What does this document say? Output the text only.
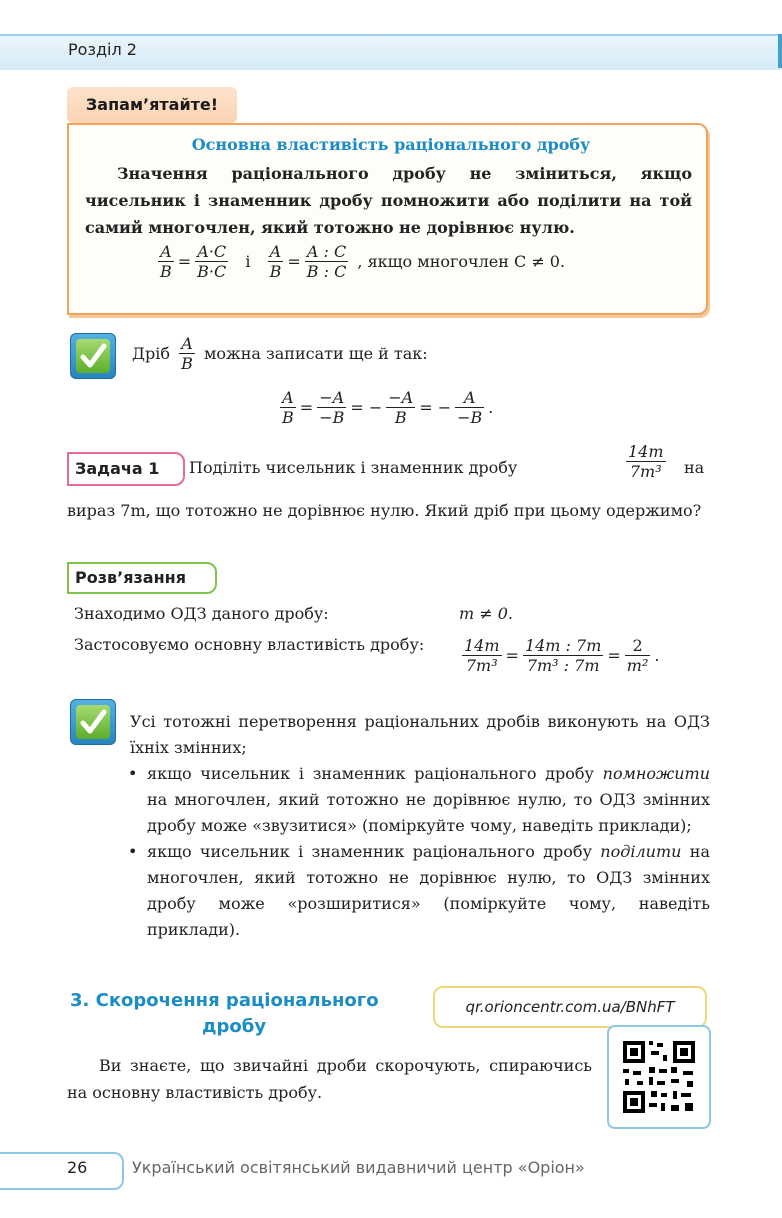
Розділ 2
Запам’ятайте!
Основна властивість раціонального дробу
Значення раціонального дробу не зміниться, якщо чисельник і знаменник дробу помножити або поділити на той самий многочлен, який тотожно не дорівнює нулю.
$\frac{A}{B} = \frac{A\cdot C}{B\cdot C}$ і $\frac{A}{B} = \frac{A : C}{B : C}$ , якщо многочлен C ≠ 0.
Дріб $\frac{A}{B}$ можна записати ще й так:
$\frac{A}{B} = \frac{-A}{-B}$ = − $\frac{-A}{B}$ = − $\frac{A}{-B}$ .
Задача 1	Поділіть чисельник і знаменник дробу	$\frac{14m}{\text{7m³}}$ на
вираз 7m, що тотожно не дорівнює нулю. Який дріб при цьому одержимо?
Розв’язання
Знаходимо ОДЗ даного дробу:	m ≠ 0.
Застосовуємо основну властивість дробу:	$\frac{14m}{\text{7m³}} = \frac{14m : 7m}{\text{7m³ : 7m}} = \frac{2}{\text{m²}}$ .
Усі тотожні перетворення раціональних дробів виконують на ОДЗ їхніх змінних;
• якщо чисельник і знаменник раціонального дробу помножити на многочлен, який тотожно не дорівнює нулю, то ОДЗ змінних дробу може «звузитися» (поміркуйте чому, наведіть приклади);
• якщо чисельник і знаменник раціонального дробу поділити на многочлен, який тотожно не дорівнює нулю, то ОДЗ змінних дробу може «розширитися» (поміркуйте чому, наведіть приклади).
3. Скорочення раціонального
дробу
qr.orioncentr.com.ua/BNhFT
Ви знаєте, що звичайні дроби скорочують, спираючись на основну властивість дробу.
26	Український освітянський видавничий центр «Оріон»
